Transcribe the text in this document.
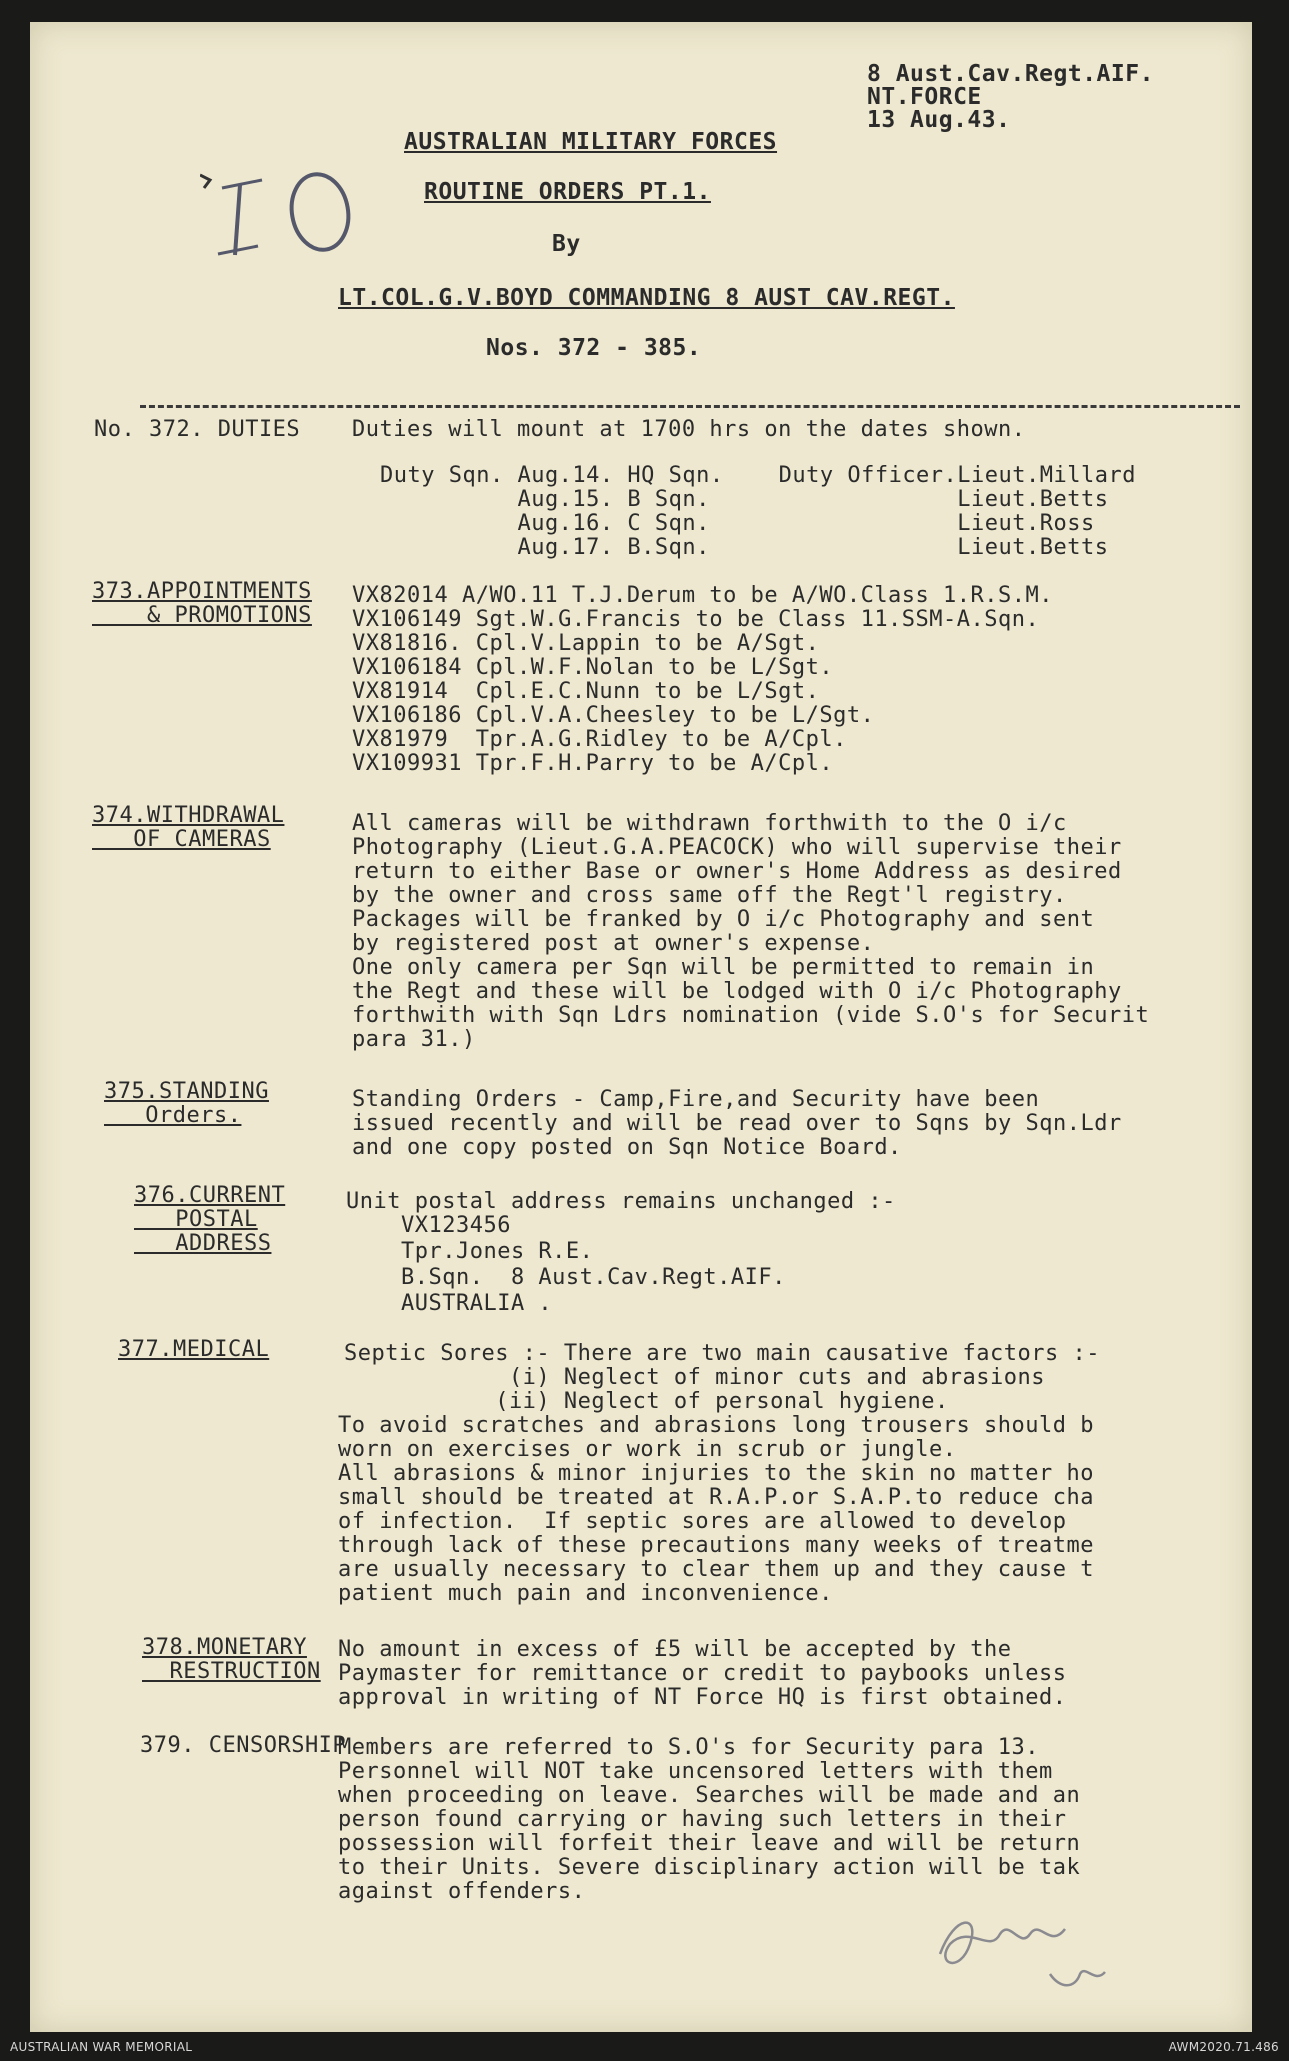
8 Aust.Cav.Regt.AIF.
NT.FORCE
13 Aug.43.
AUSTRALIAN MILITARY FORCES
ROUTINE ORDERS PT.1.
By
LT.COL.G.V.BOYD COMMANDING 8 AUST CAV.REGT.
Nos. 372 - 385.
No. 372. DUTIES Duties will mount at 1700 hrs on the dates shown.
Duty Sqn. Aug.14. HQ Sqn.    Duty Officer.Lieut.Millard
Aug.15. B Sqn.                  Lieut.Betts
Aug.16. C Sqn.                  Lieut.Ross
Aug.17. B.Sqn.                  Lieut.Betts
373.APPOINTMENTS
& PROMOTIONS
VX82014 A/WO.11 T.J.Derum to be A/WO.Class 1.R.S.M.
VX106149 Sgt.W.G.Francis to be Class 11.SSM-A.Sqn.
VX81816. Cpl.V.Lappin to be A/Sgt.
VX106184 Cpl.W.F.Nolan to be L/Sgt.
VX81914  Cpl.E.C.Nunn to be L/Sgt.
VX106186 Cpl.V.A.Cheesley to be L/Sgt.
VX81979  Tpr.A.G.Ridley to be A/Cpl.
VX109931 Tpr.F.H.Parry to be A/Cpl.
374.WITHDRAWAL
OF CAMERAS
All cameras will be withdrawn forthwith to the O i/c
Photography (Lieut.G.A.PEACOCK) who will supervise their
return to either Base or owner's Home Address as desired
by the owner and cross same off the Regt'l registry.
Packages will be franked by O i/c Photography and sent
by registered post at owner's expense.
One only camera per Sqn will be permitted to remain in
the Regt and these will be lodged with O i/c Photography
forthwith with Sqn Ldrs nomination (vide S.O's for Securit
para 31.)
375.STANDING
Orders.
Standing Orders - Camp,Fire,and Security have been
issued recently and will be read over to Sqns by Sqn.Ldr
and one copy posted on Sqn Notice Board.
376.CURRENT
POSTAL
ADDRESS
Unit postal address remains unchanged :-
VX123456
Tpr.Jones R.E.
B.Sqn.  8 Aust.Cav.Regt.AIF.
AUSTRALIA .
377.MEDICAL	Septic Sores :- There are two main causative factors :-
(i) Neglect of minor cuts and abrasions
(ii) Neglect of personal hygiene.
To avoid scratches and abrasions long trousers should b
worn on exercises or work in scrub or jungle.
All abrasions & minor injuries to the skin no matter ho
small should be treated at R.A.P.or S.A.P.to reduce cha
of infection.  If septic sores are allowed to develop
through lack of these precautions many weeks of treatme
are usually necessary to clear them up and they cause t
patient much pain and inconvenience.
378.MONETARY
RESTRUCTION
No amount in excess of £5 will be accepted by the
Paymaster for remittance or credit to paybooks unless
approval in writing of NT Force HQ is first obtained.
379. CENSORSHIP
Members are referred to S.O's for Security para 13.
Personnel will NOT take uncensored letters with them
when proceeding on leave. Searches will be made and an
person found carrying or having such letters in their
possession will forfeit their leave and will be return
to their Units. Severe disciplinary action will be tak
against offenders.
AUSTRALIAN WAR MEMORIAL	AWM2020.71.486
